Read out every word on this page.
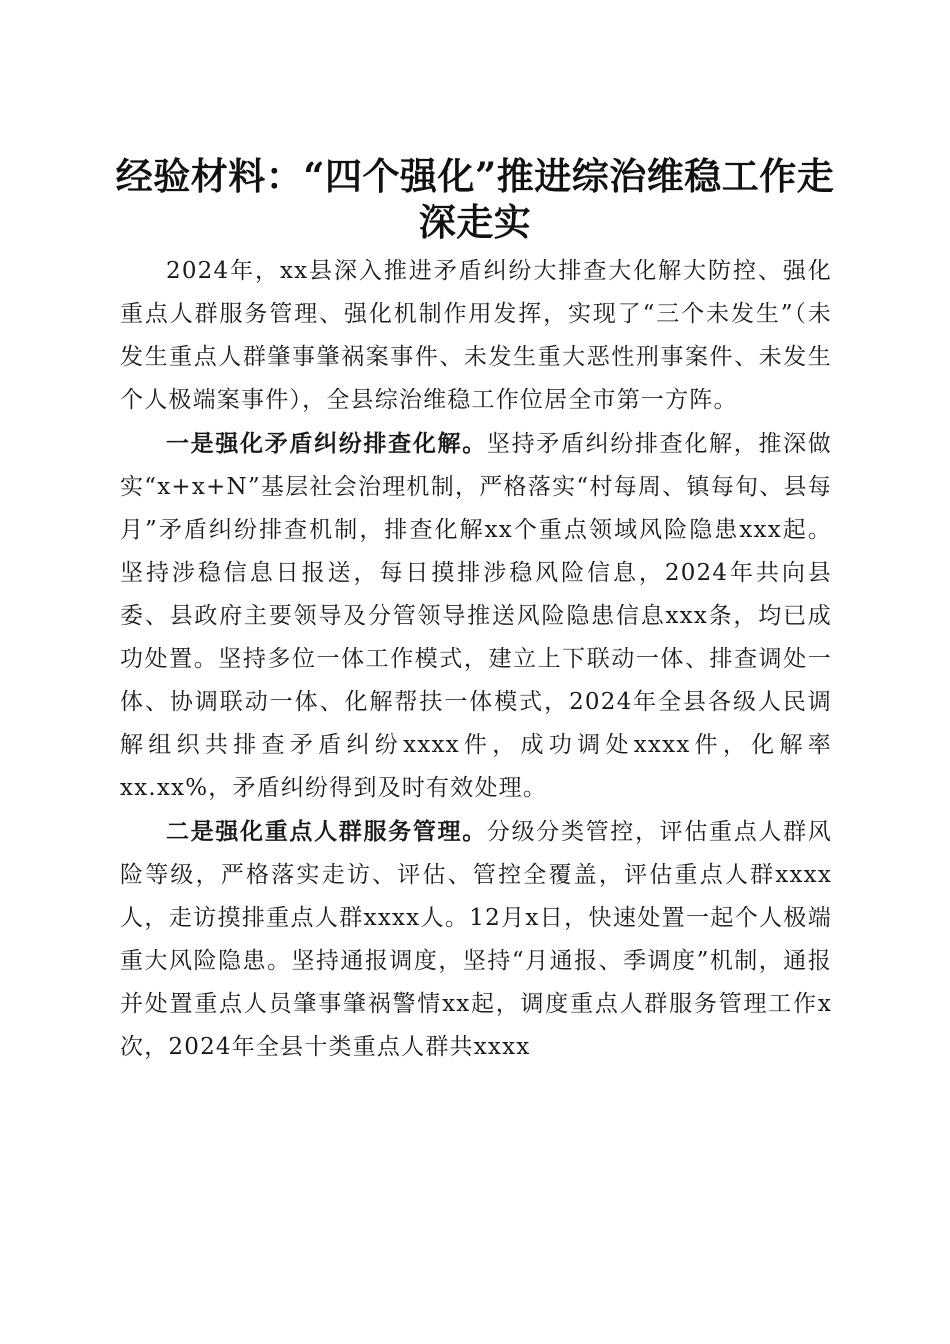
经验材料：“四个强化”推进综治维稳工作走深走实

2024年，xx县深入推进矛盾纠纷大排查大化解大防控、强化重点人群服务管理、强化机制作用发挥，实现了“三个未发生”（未发生重点人群肇事肇祸案事件、未发生重大恶性刑事案件、未发生个人极端案事件），全县综治维稳工作位居全市第一方阵。

一是强化矛盾纠纷排查化解。坚持矛盾纠纷排查化解，推深做实“x+x+N”基层社会治理机制，严格落实“村每周、镇每旬、县每月”矛盾纠纷排查机制，排查化解xx个重点领域风险隐患xxx起。坚持涉稳信息日报送，每日摸排涉稳风险信息，2024年共向县委、县政府主要领导及分管领导推送风险隐患信息xxx条，均已成功处置。坚持多位一体工作模式，建立上下联动一体、排查调处一体、协调联动一体、化解帮扶一体模式，2024年全县各级人民调解组织共排查矛盾纠纷xxxx件，成功调处xxxx件，化解率xx.xx%，矛盾纠纷得到及时有效处理。

二是强化重点人群服务管理。分级分类管控，评估重点人群风险等级，严格落实走访、评估、管控全覆盖，评估重点人群xxxx人，走访摸排重点人群xxxx人。12月x日，快速处置一起个人极端重大风险隐患。坚持通报调度，坚持“月通报、季调度”机制，通报并处置重点人员肇事肇祸警情xx起，调度重点人群服务管理工作x次，2024年全县十类重点人群共xxxx
